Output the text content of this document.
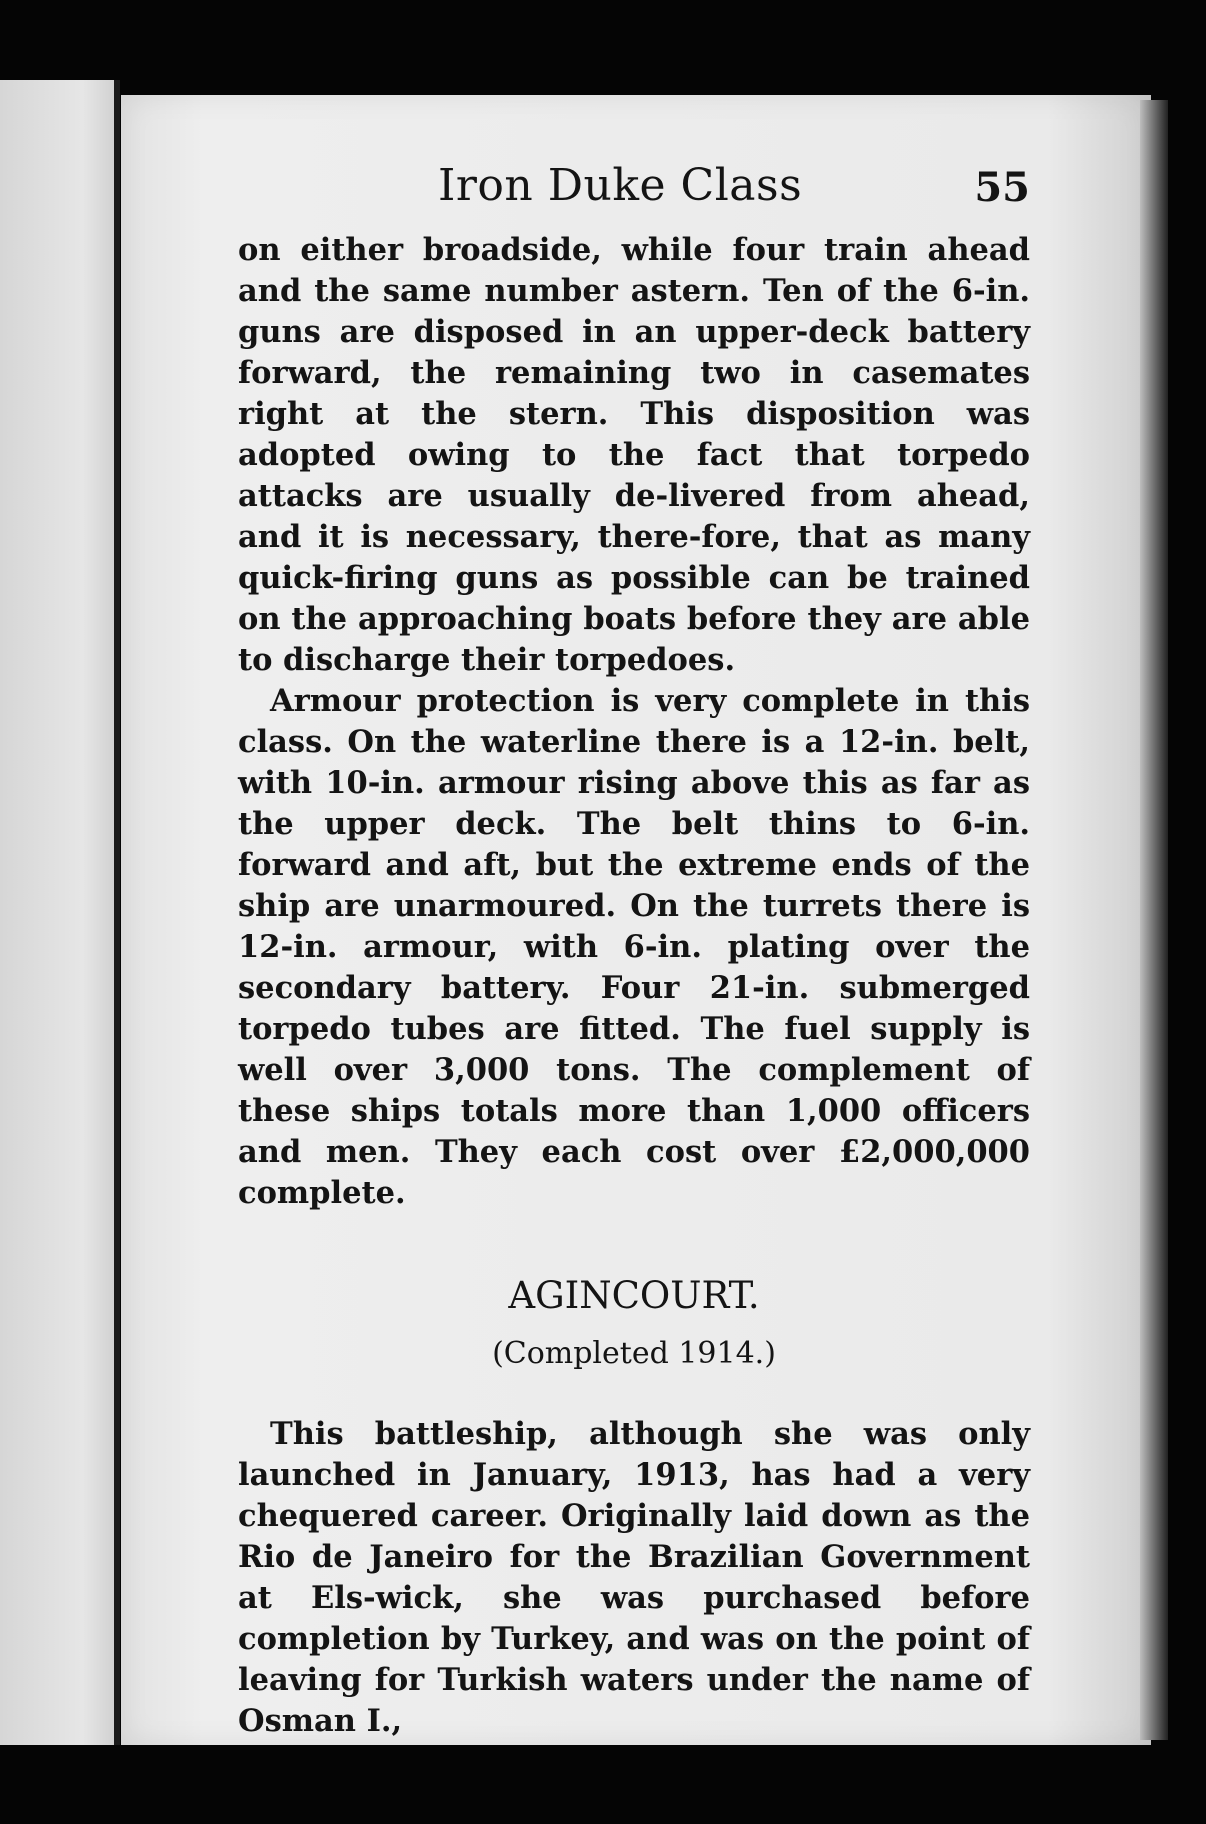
Iron Duke Class	55

on either broadside, while four train ahead and the same number astern. Ten of the 6-in. guns are disposed in an upper-deck battery forward, the remaining two in casemates right at the stern. This disposition was adopted owing to the fact that torpedo attacks are usually de-livered from ahead, and it is necessary, there-fore, that as many quick-firing guns as possible can be trained on the approaching boats before they are able to discharge their torpedoes.

Armour protection is very complete in this class. On the waterline there is a 12-in. belt, with 10-in. armour rising above this as far as the upper deck. The belt thins to 6-in. forward and aft, but the extreme ends of the ship are unarmoured. On the turrets there is 12-in. armour, with 6-in. plating over the secondary battery. Four 21-in. submerged torpedo tubes are fitted. The fuel supply is well over 3,000 tons. The complement of these ships totals more than 1,000 officers and men. They each cost over £2,000,000 complete.

AGINCOURT.
(Completed 1914.)

This battleship, although she was only launched in January, 1913, has had a very chequered career. Originally laid down as the Rio de Janeiro for the Brazilian Government at Els-wick, she was purchased before completion by Turkey, and was on the point of leaving for Turkish waters under the name of Osman I.,
